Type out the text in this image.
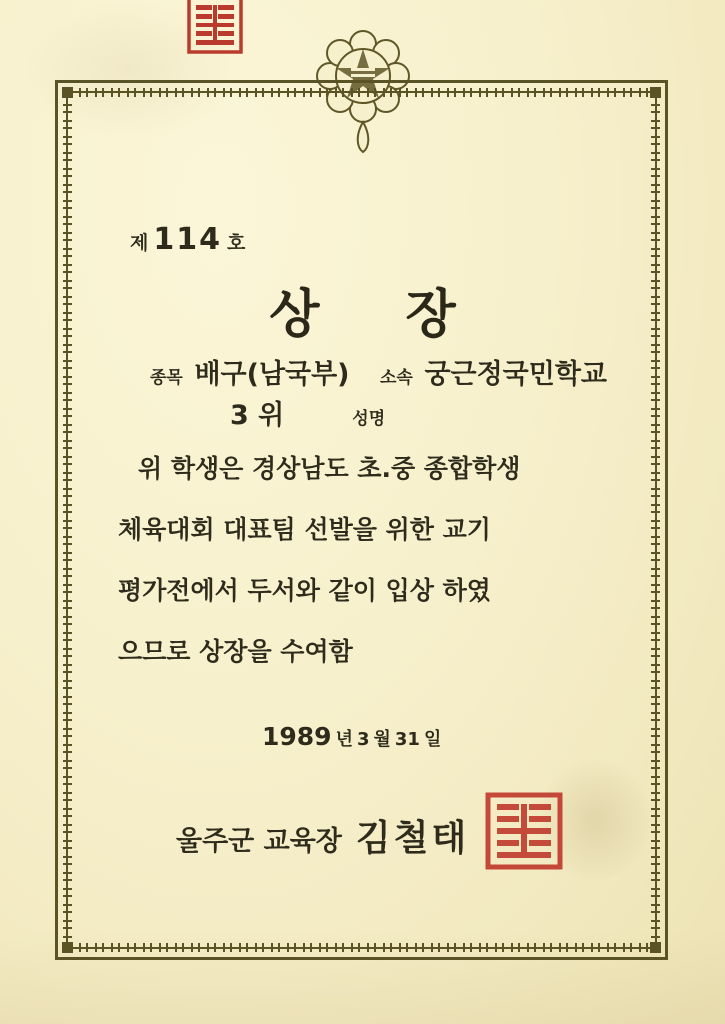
제 114 호
상 장
종목 배구(남국부)	소속 궁근정국민학교
3 위	성명
위 학생은 경상남도 초.중 종합학생
체육대회 대표팀 선발을 위한 교기
평가전에서 두서와 같이 입상 하였
으므로 상장을 수여함
1989 년 3 월 31 일
울주군 교육장 김철태
